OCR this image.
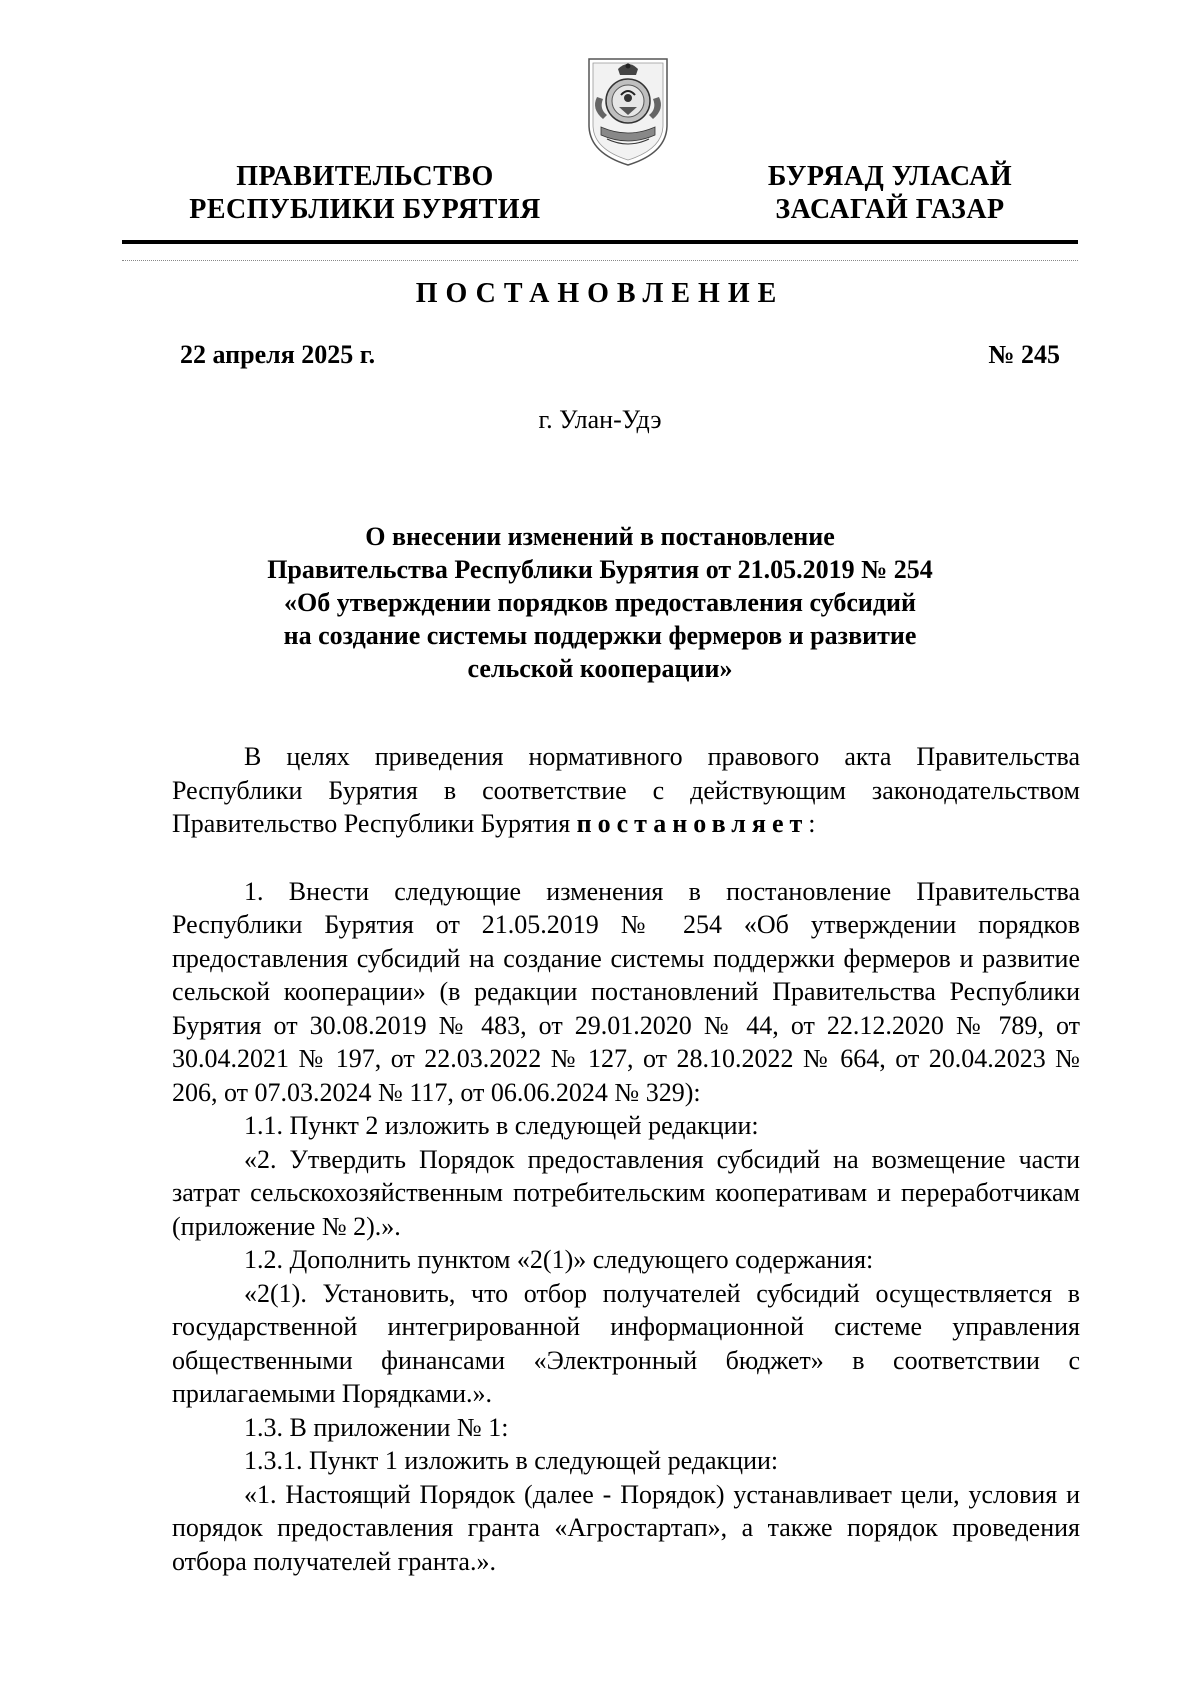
ПРАВИТЕЛЬСТВО
РЕСПУБЛИКИ БУРЯТИЯ
БУРЯАД УЛАСАЙ
ЗАСАГАЙ ГАЗАР
ПОСТАНОВЛЕНИЕ
22 апреля 2025 г.	№ 245
г. Улан-Удэ
О внесении изменений в постановление
Правительства Республики Бурятия от 21.05.2019 № 254
«Об утверждении порядков предоставления субсидий
на создание системы поддержки фермеров и развитие
сельской кооперации»

В целях приведения нормативного правового акта Правительства Республики Бурятия в соответствие с действующим законодательством Правительство Республики Бурятия постановляет:

1. Внести следующие изменения в постановление Правительства Республики Бурятия от 21.05.2019 № 254 «Об утверждении порядков предоставления субсидий на создание системы поддержки фермеров и развитие сельской кооперации» (в редакции постановлений Правительства Республики Бурятия от 30.08.2019 № 483, от 29.01.2020 № 44, от 22.12.2020 № 789, от 30.04.2021 № 197, от 22.03.2022 № 127, от 28.10.2022 № 664, от 20.04.2023 № 206, от 07.03.2024 № 117, от 06.06.2024 № 329):

1.1. Пункт 2 изложить в следующей редакции:

«2. Утвердить Порядок предоставления субсидий на возмещение части затрат сельскохозяйственным потребительским кооперативам и переработчикам (приложение № 2).».

1.2. Дополнить пунктом «2(1)» следующего содержания:

«2(1). Установить, что отбор получателей субсидий осуществляется в государственной интегрированной информационной системе управления общественными финансами «Электронный бюджет» в соответствии с прилагаемыми Порядками.».

1.3. В приложении № 1:

1.3.1. Пункт 1 изложить в следующей редакции:

«1. Настоящий Порядок (далее - Порядок) устанавливает цели, условия и порядок предоставления гранта «Агростартап», а также порядок проведения отбора получателей гранта.».
